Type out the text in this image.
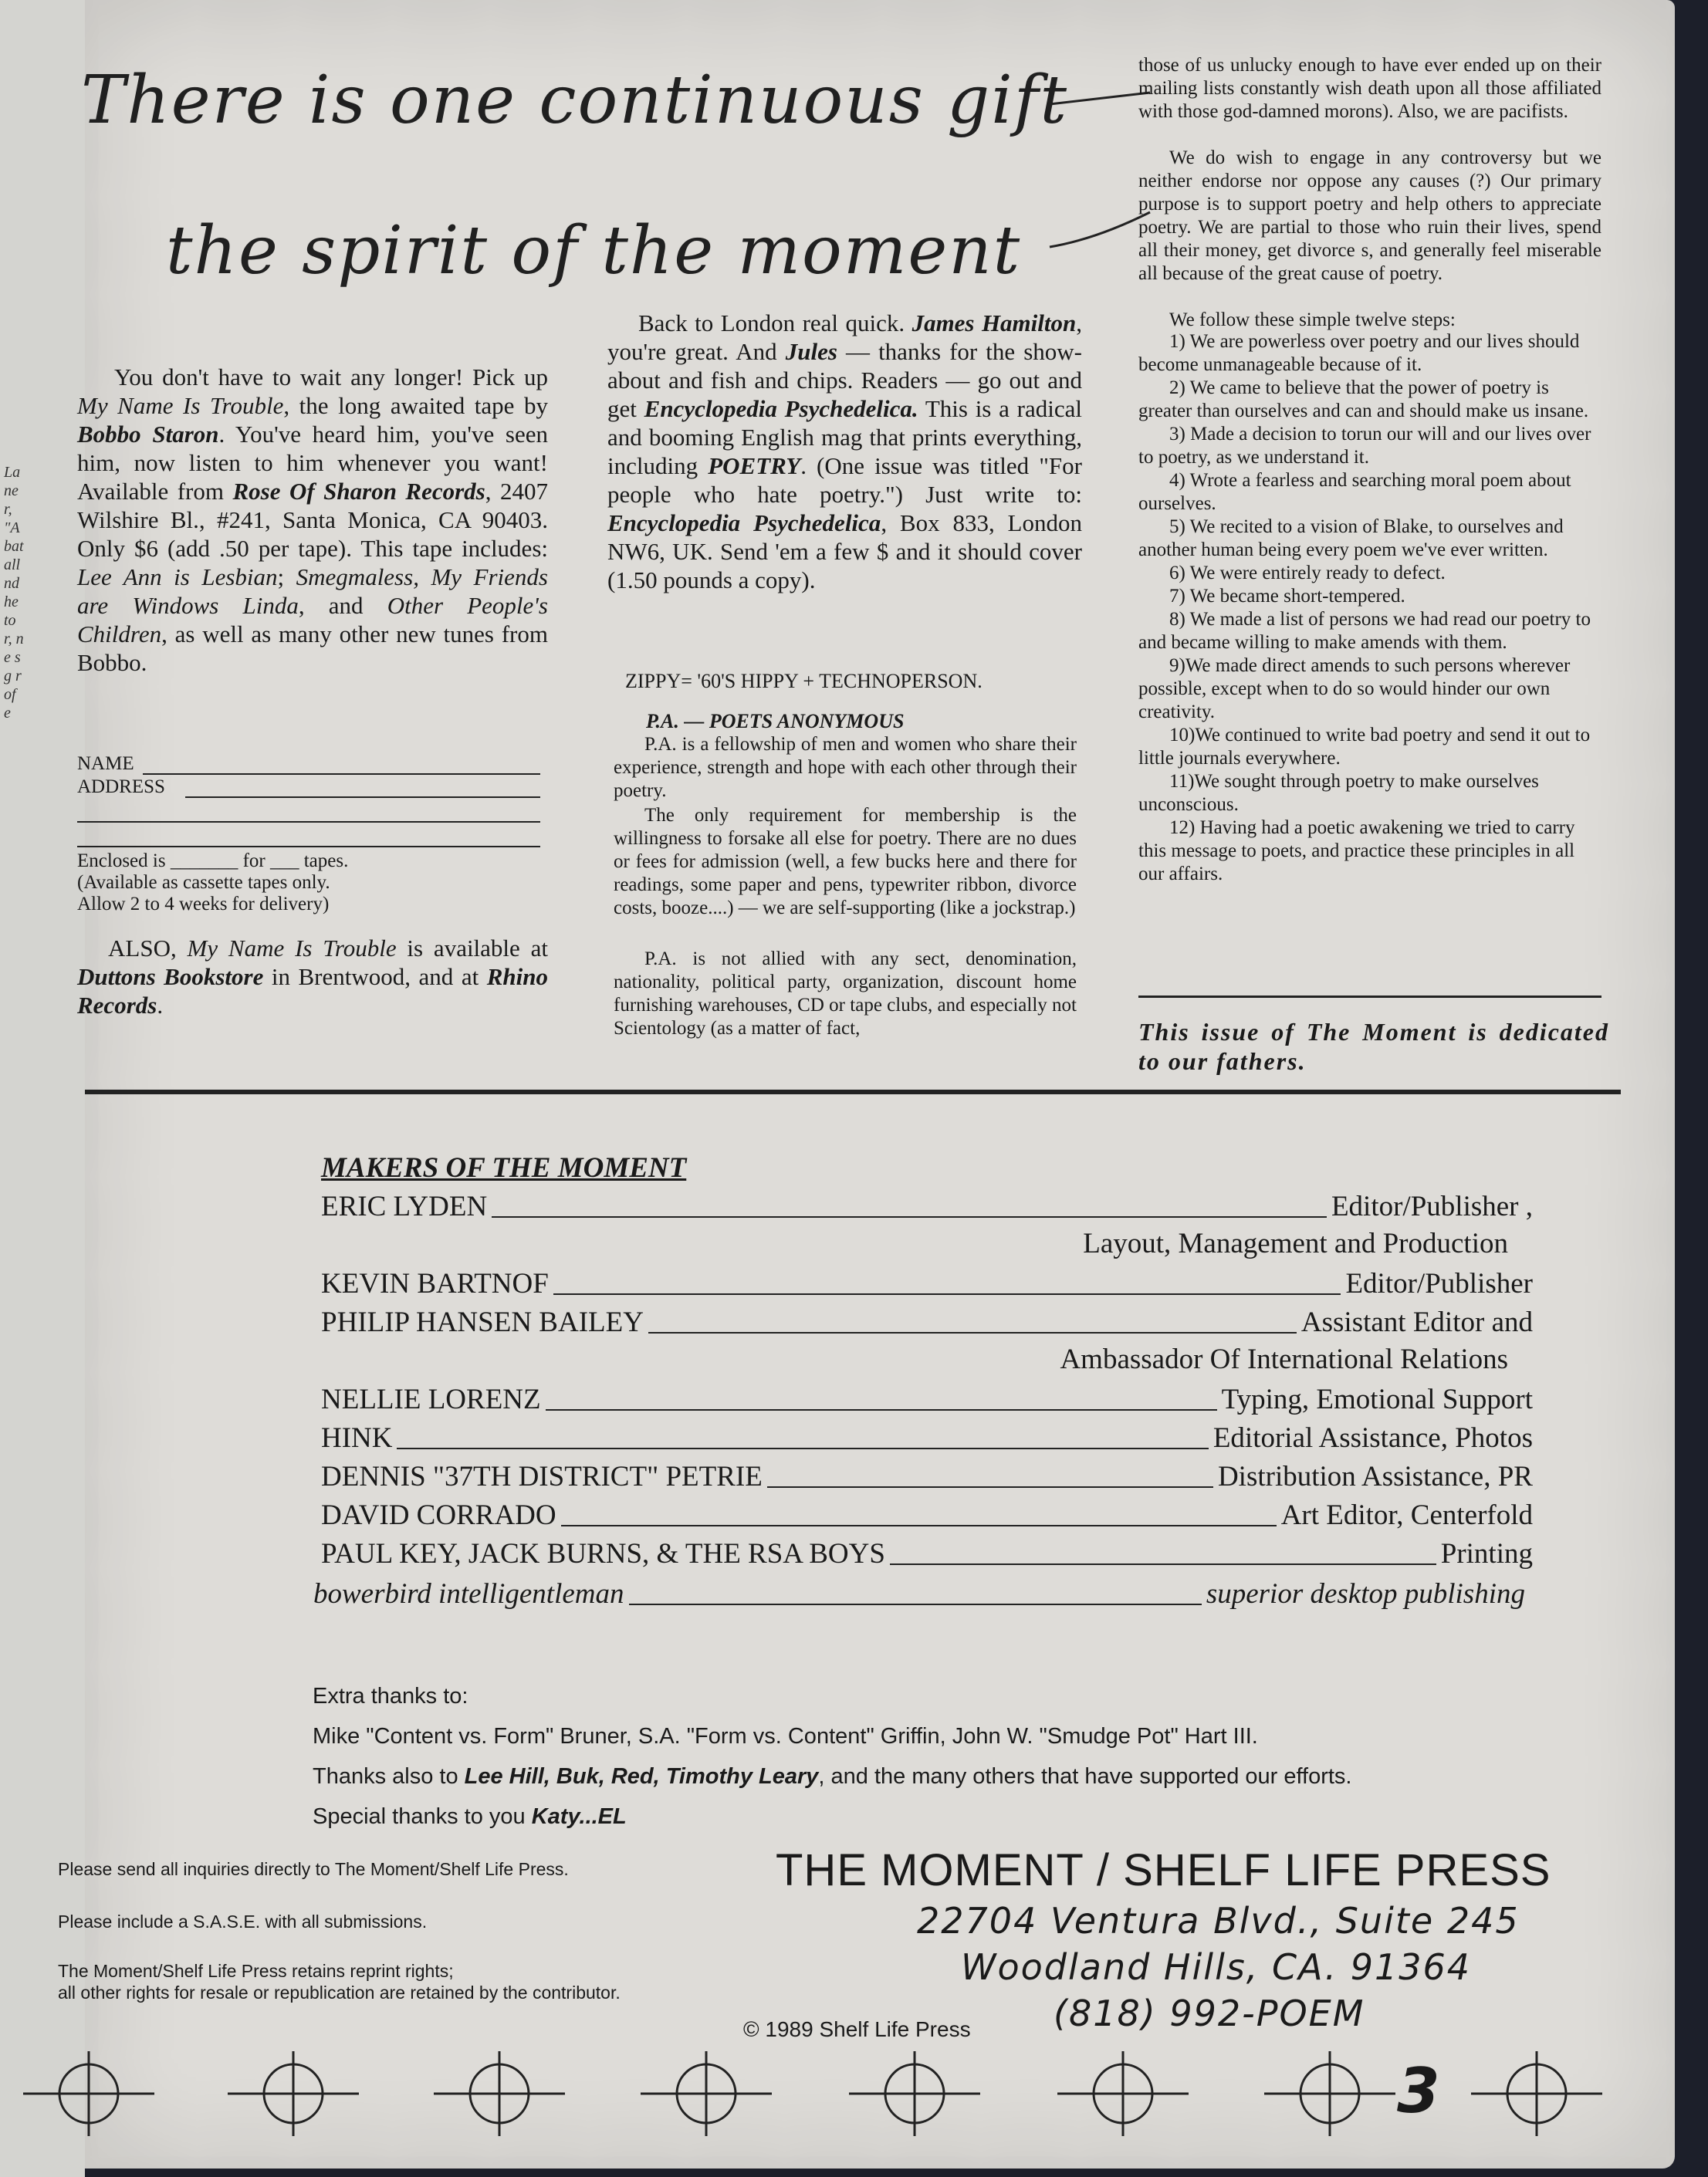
La ner, "A bat all nd he to r, ne s g r of e
There is one continuous gift
the spirit of the moment
You don't have to wait any longer! Pick up My Name Is Trouble, the long awaited tape by Bobbo Staron. You've heard him, you've seen him, now listen to him whenever you want! Available from Rose Of Sharon Records, 2407 Wilshire Bl., #241, Santa Monica, CA 90403. Only $6 (add .50 per tape). This tape includes: Lee Ann is Lesbian; Smegmaless, My Friends are Windows Linda, and Other People's Children, as well as many other new tunes from Bobbo.
NAME
ADDRESS
Enclosed is _______ for ___ tapes.
(Available as cassette tapes only.
Allow 2 to 4 weeks for delivery)
ALSO, My Name Is Trouble is available at Duttons Bookstore in Brentwood, and at Rhino Records.
Back to London real quick. James Hamilton, you're great. And Jules — thanks for the show-about and fish and chips. Readers — go out and get Encyclopedia Psychedelica. This is a radical and booming English mag that prints everything, including POETRY. (One issue was titled "For people who hate poetry.") Just write to: Encyclopedia Psychedelica, Box 833, London NW6, UK. Send 'em a few $ and it should cover (1.50 pounds a copy).
ZIPPY= '60'S HIPPY + TECHNOPERSON.
P.A. — POETS ANONYMOUS
P.A. is a fellowship of men and women who share their experience, strength and hope with each other through their poetry.
The only requirement for membership is the willingness to forsake all else for poetry. There are no dues or fees for admission (well, a few bucks here and there for readings, some paper and pens, typewriter ribbon, divorce costs, booze....) — we are self-supporting (like a jockstrap.)
P.A. is not allied with any sect, denomination, nationality, political party, organization, discount home furnishing warehouses, CD or tape clubs, and especially not Scientology (as a matter of fact,
those of us unlucky enough to have ever ended up on their mailing lists constantly wish death upon all those affiliated with those god-damned morons). Also, we are pacifists.
We do wish to engage in any controversy but we neither endorse nor oppose any causes (?) Our primary purpose is to support poetry and help others to appreciate poetry. We are partial to those who ruin their lives, spend all their money, get divorce s, and generally feel miserable all because of the great cause of poetry.
We follow these simple twelve steps:
1) We are powerless over poetry and our lives should become unmanageable because of it.
2) We came to believe that the power of poetry is greater than ourselves and can and should make us insane.
3) Made a decision to torun our will and our lives over to poetry, as we understand it.
4) Wrote a fearless and searching moral poem about ourselves.
5) We recited to a vision of Blake, to ourselves and another human being every poem we've ever written.
6) We were entirely ready to defect.
7) We became short-tempered.
8) We made a list of persons we had read our poetry to and became willing to make amends with them.
9)We made direct amends to such persons wherever possible, except when to do so would hinder our own creativity.
10)We continued to write bad poetry and send it out to little journals everywhere.
11)We sought through poetry to make ourselves unconscious.
12) Having had a poetic awakening we tried to carry this message to poets, and practice these principles in all our affairs.
This issue of The Moment is dedicated to our fathers.
MAKERS OF THE MOMENT
ERIC LYDEN	Editor/Publisher ,
Layout, Management and Production
KEVIN BARTNOF	Editor/Publisher
PHILIP HANSEN BAILEY	Assistant Editor and
Ambassador Of International Relations
NELLIE LORENZ	Typing, Emotional Support
HINK	Editorial Assistance, Photos
DENNIS "37TH DISTRICT" PETRIE	Distribution Assistance, PR
DAVID CORRADO	Art Editor, Centerfold
PAUL KEY, JACK BURNS, & THE RSA BOYS	Printing
bowerbird intelligentleman	superior desktop publishing
Extra thanks to:
Mike "Content vs. Form" Bruner, S.A. "Form vs. Content" Griffin, John W. "Smudge Pot" Hart III.
Thanks also to Lee Hill, Buk, Red, Timothy Leary, and the many others that have supported our efforts.
Special thanks to you Katy...EL
Please send all inquiries directly to The Moment/Shelf Life Press.
Please include a S.A.S.E. with all submissions.
The Moment/Shelf Life Press retains reprint rights;
all other rights for resale or republication are retained by the contributor.
© 1989 Shelf Life Press
THE MOMENT / SHELF LIFE PRESS
22704 Ventura Blvd., Suite 245
Woodland Hills, CA. 91364
(818) 992-POEM
3
